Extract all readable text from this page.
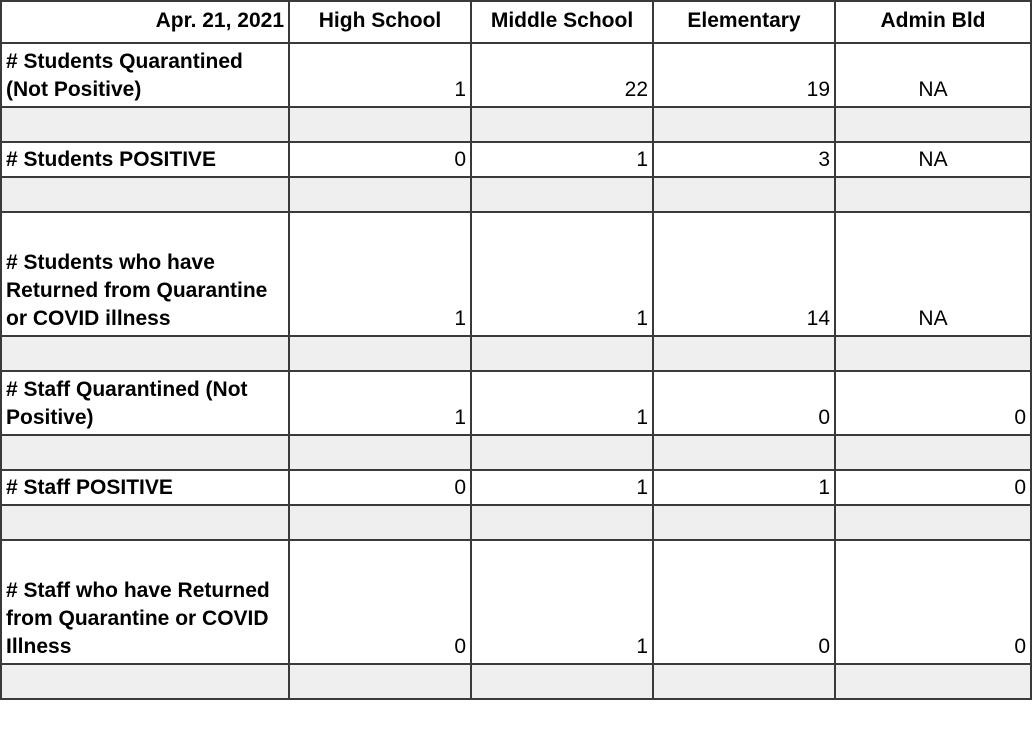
Apr. 21, 2021	High School	Middle School	Elementary	Admin Bld
# Students Quarantined (Not Positive)	1	22	19	NA

# Students POSITIVE	0	1	3	NA

# Students who have Returned from Quarantine or COVID illness	1	1	14	NA

# Staff Quarantined (Not Positive)	1	1	0	0

# Staff POSITIVE	0	1	1	0

# Staff who have Returned from Quarantine or COVID Illness	0	1	0	0
